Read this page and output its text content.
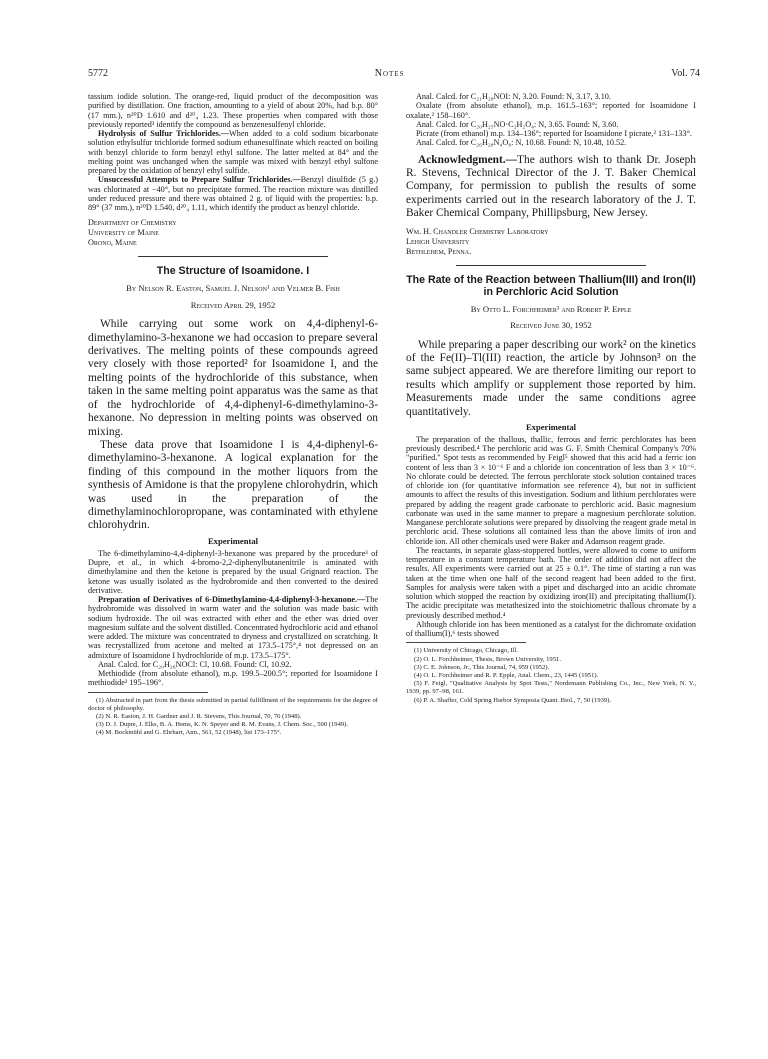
5772	Notes	Vol. 74

tassium iodide solution. The orange-red, liquid product of the decomposition was purified by distillation. One fraction, amounting to a yield of about 20%, had b.p. 80° (17 mm.), n²⁰D 1.610 and d²⁰₄ 1.23. These properties when compared with those previously reported³ identify the compound as benzenesulfenyl chloride.

Hydrolysis of Sulfur Trichlorides.—When added to a cold sodium bicarbonate solution ethylsulfur trichloride formed sodium ethanesulfinate which reacted on boiling with benzyl chloride to form benzyl ethyl sulfone. The latter melted at 84° and the melting point was unchanged when the sample was mixed with benzyl ethyl sulfone prepared by the oxidation of benzyl ethyl sulfide.

Unsuccessful Attempts to Prepare Sulfur Trichlorides.—Benzyl disulfide (5 g.) was chlorinated at −40°, but no precipitate formed. The reaction mixture was distilled under reduced pressure and there was obtained 2 g. of liquid with the properties: b.p. 89° (37 mm.), n²⁰D 1.540, d²⁰₄ 1.11, which identify the product as benzyl chloride.

Department of Chemistry
University of Maine
Orono, Maine
The Structure of Isoamidone. I

By Nelson R. Easton, Samuel J. Nelson¹ and Velmer B. Fish

Received April 29, 1952

While carrying out some work on 4,4-diphenyl-6-dimethylamino-3-hexanone we had occasion to prepare several derivatives. The melting points of these compounds agreed very closely with those reported² for Isoamidone I, and the melting points of the hydrochloride of this substance, when taken in the same melting point apparatus was the same as that of the hydrochloride of 4,4-diphenyl-6-dimethylamino-3-hexanone. No depression in melting points was observed on mixing.

These data prove that Isoamidone I is 4,4-diphenyl-6-dimethylamino-3-hexanone. A logical explanation for the finding of this compound in the mother liquors from the synthesis of Amidone is that the propylene chlorohydrin, which was used in the preparation of the dimethylaminochloropropane, was contaminated with ethylene chlorohydrin.

Experimental

The 6-dimethylamino-4,4-diphenyl-3-hexanone was prepared by the procedure³ of Dupre, et al., in which 4-bromo-2,2-diphenylbutanenitrile is aminated with dimethylamine and then the ketone is prepared by the usual Grignard reaction. The ketone was usually isolated as the hydrobromide and then converted to the desired derivative.

Preparation of Derivatives of 6-Dimethylamino-4,4-diphenyl-3-hexanone.—The hydrobromide was dissolved in warm water and the solution was made basic with sodium hydroxide. The oil was extracted with ether and the ether was dried over magnesium sulfate and the solvent distilled. Concentrated hydrochloric acid and ethanol were added. The mixture was concentrated to dryness and crystallized on scratching. It was recrystallized from acetone and melted at 173.5–175°,⁴ not depressed on an admixture of Isoamidone I hydrochloride of m.p. 173.5–175°.

Anal. Calcd. for C₂₀H₂₆NOCl: Cl, 10.68. Found: Cl, 10.92.

Methiodide (from absolute ethanol), m.p. 199.5–200.5°; reported for Isoamidone I methiodide² 195–196°.

(1) Abstracted in part from the thesis submitted in partial fulfillment of the requirements for the degree of doctor of philosophy.

(2) N. R. Easton, J. H. Gardner and J. R. Stevens, This Journal, 70, 76 (1948).

(3) D. J. Dupre, J. Elks, B. A. Hems, K. N. Speyer and R. M. Evans, J. Chem. Soc., 500 (1949).

(4) M. Bockmühl and G. Ehrhart, Ann., 561, 52 (1948), list 173–175°.

Anal. Calcd. for C₂₁H₂₈NOI: N, 3.20. Found: N, 3.17, 3.10.

Oxalate (from absolute ethanol), m.p. 161.5–163°; reported for Isoamidone I oxalate,² 158–160°.

Anal. Calcd. for C₂₀H₂₅NO·C₂H₂O₄: N, 3.65. Found: N, 3.60.

Picrate (from ethanol) m.p. 134–136°; reported for Isoamidone I picrate,² 131–133°.

Anal. Calcd. for C₂₆H₂₈N₄O₈: N, 10.68. Found: N, 10.48, 10.52.

Acknowledgment.—The authors wish to thank Dr. Joseph R. Stevens, Technical Director of the J. T. Baker Chemical Company, for permission to publish the results of some experiments carried out in the research laboratory of the J. T. Baker Chemical Company, Phillipsburg, New Jersey.

Wm. H. Chandler Chemistry Laboratory
Lehigh University
Bethlehem, Penna.
The Rate of the Reaction between Thallium(III) and Iron(II) in Perchloric Acid Solution

By Otto L. Forchheimer¹ and Robert P. Epple

Received June 30, 1952

While preparing a paper describing our work² on the kinetics of the Fe(II)–Tl(III) reaction, the article by Johnson³ on the same subject appeared. We are therefore limiting our report to results which amplify or supplement those reported by him. Measurements made under the same conditions agree quantitatively.

Experimental

The preparation of the thallous, thallic, ferrous and ferric perchlorates has been previously described.⁴ The perchloric acid was G. F. Smith Chemical Company's 70% "purified." Spot tests as recommended by Feigl⁵ showed that this acid had a ferric ion content of less than 3 × 10⁻⁶ F and a chloride ion concentration of less than 3 × 10⁻⁶. No chlorate could be detected. The ferrous perchlorate stock solution contained traces of chloride ion (for quantitative information see reference 4), but not in sufficient amounts to affect the results of this investigation. Sodium and lithium perchlorates were prepared by adding the reagent grade carbonate to perchloric acid. Basic magnesium carbonate was used in the same manner to prepare a magnesium perchlorate solution. Manganese perchlorate solutions were prepared by dissolving the reagent grade metal in perchloric acid. These solutions all contained less than the above limits of iron and chloride ion. All other chemicals used were Baker and Adamson reagent grade.

The reactants, in separate glass-stoppered bottles, were allowed to come to uniform temperature in a constant temperature bath. The order of addition did not affect the results. All experiments were carried out at 25 ± 0.1°. The time of starting a run was taken at the time when one half of the second reagent had been added to the first. Samples for analysis were taken with a pipet and discharged into an acidic chromate solution which stopped the reaction by oxidizing iron(II) and precipitating thallium(I). The acidic precipitate was metathesized into the stoichiometric thallous chromate by a previously described method.⁴

Although chloride ion has been mentioned as a catalyst for the dichromate oxidation of thallium(I),⁶ tests showed

(1) University of Chicago, Chicago, Ill.

(2) O. L. Forchheimer, Thesis, Brown University, 1951.

(3) C. E. Johnson, Jr., This Journal, 74, 959 (1952).

(4) O. L. Forchheimer and R. P. Epple, Anal. Chem., 23, 1445 (1951).

(5) F. Feigl, "Qualitative Analysis by Spot Tests," Nordemann Publishing Co., Inc., New York, N. Y., 1939, pp. 97–98, 161.

(6) P. A. Shaffer, Cold Spring Harbor Symposia Quant. Biol., 7, 50 (1939).
